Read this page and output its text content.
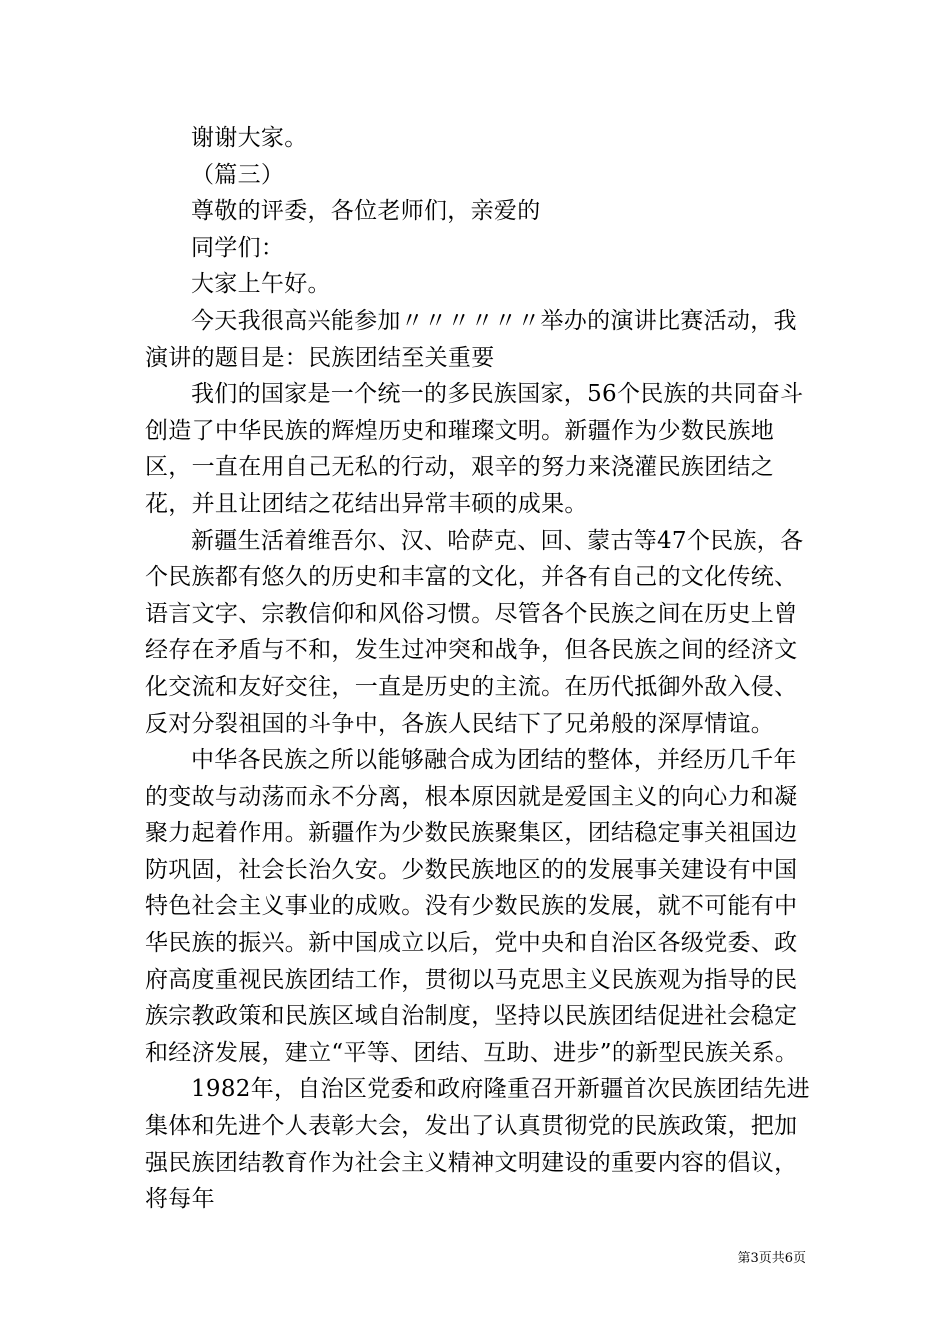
谢谢大家。

（篇三）

尊敬的评委，各位老师们，亲爱的

同学们：

大家上午好。

今天我很高兴能参加〃〃〃〃〃〃举办的演讲比赛活动，我演讲的题目是：民族团结至关重要

我们的国家是一个统一的多民族国家，56个民族的共同奋斗创造了中华民族的辉煌历史和璀璨文明。新疆作为少数民族地区，一直在用自己无私的行动，艰辛的努力来浇灌民族团结之花，并且让团结之花结出异常丰硕的成果。

新疆生活着维吾尔、汉、哈萨克、回、蒙古等47个民族，各个民族都有悠久的历史和丰富的文化，并各有自己的文化传统、语言文字、宗教信仰和风俗习惯。尽管各个民族之间在历史上曾经存在矛盾与不和，发生过冲突和战争，但各民族之间的经济文化交流和友好交往，一直是历史的主流。在历代抵御外敌入侵、反对分裂祖国的斗争中，各族人民结下了兄弟般的深厚情谊。

中华各民族之所以能够融合成为团结的整体，并经历几千年的变故与动荡而永不分离，根本原因就是爱国主义的向心力和凝聚力起着作用。新疆作为少数民族聚集区，团结稳定事关祖国边防巩固，社会长治久安。少数民族地区的的发展事关建设有中国特色社会主义事业的成败。没有少数民族的发展，就不可能有中华民族的振兴。新中国成立以后，党中央和自治区各级党委、政府高度重视民族团结工作，贯彻以马克思主义民族观为指导的民族宗教政策和民族区域自治制度，坚持以民族团结促进社会稳定和经济发展，建立“平等、团结、互助、进步”的新型民族关系。

1982年，自治区党委和政府隆重召开新疆首次民族团结先进集体和先进个人表彰大会，发出了认真贯彻党的民族政策，把加强民族团结教育作为社会主义精神文明建设的重要内容的倡议，将每年

第3页共6页
